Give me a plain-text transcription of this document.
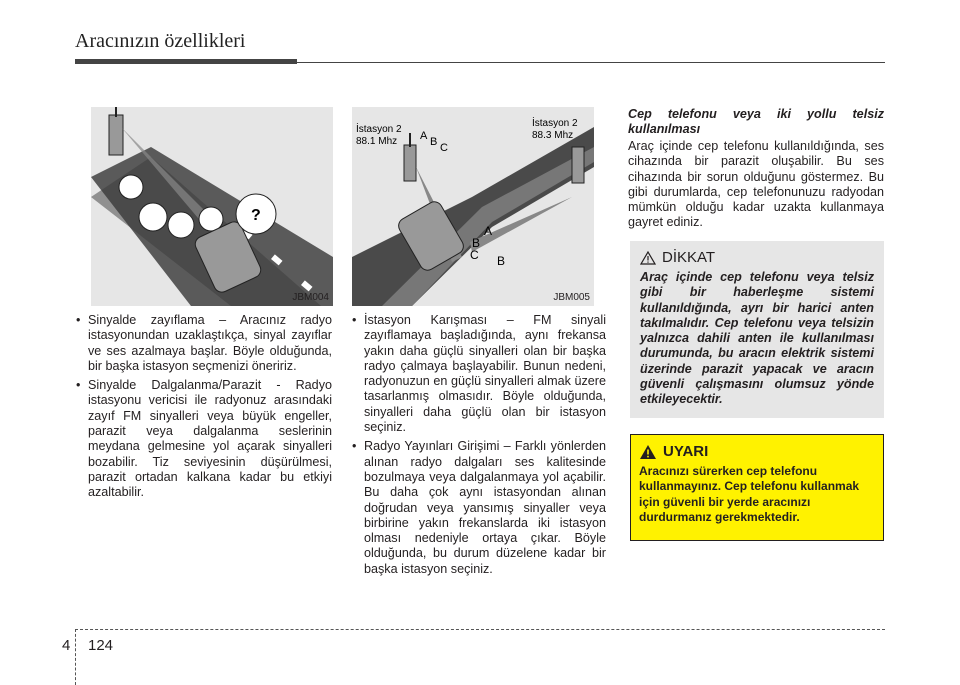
Aracınızın özellikleri
?
JBM004
İstasyon 2
88.1 Mhz
İstasyon 2
88.3 Mhz
A B C
A
B
B
C
JBM005
• Sinyalde zayıflama – Aracınız radyo istasyonundan uzaklaştıkça, sinyal zayıflar ve ses azalmaya başlar. Böyle olduğunda, bir başka istasyon seçmenizi öneririz.
• Sinyalde Dalgalanma/Parazit - Radyo istasyonu vericisi ile radyonuz arasındaki zayıf FM sinyalleri veya büyük engeller, parazit veya dalgalanma seslerinin meydana gelmesine yol açarak sinyalleri bozabilir. Tiz seviyesinin düşürülmesi, parazit ortadan kalkana kadar bu etkiyi azaltabilir.
• İstasyon Karışması – FM sinyali zayıflamaya başladığında, aynı frekansa yakın daha güçlü sinyalleri olan bir başka radyo çalmaya başlayabilir. Bunun nedeni, radyonuzun en güçlü sinyalleri almak üzere tasarlanmış olmasıdır. Böyle olduğunda, sinyalleri daha güçlü olan bir istasyon seçiniz.
• Radyo Yayınları Girişimi – Farklı yönlerden alınan radyo dalgaları ses kalitesinde bozulmaya veya dalgalanmaya yol açabilir. Bu daha çok aynı istasyondan alınan doğrudan veya yansımış sinyaller veya birbirine yakın frekanslarda iki istasyon olması nedeniyle ortaya çıkar. Böyle olduğunda, bu durum düzelene kadar bir başka istasyon seçiniz.

Cep telefonu veya iki yollu telsiz kullanılması

Araç içinde cep telefonu kullanıldığında, ses cihazında bir parazit oluşabilir. Bu ses cihazında bir sorun olduğunu göstermez. Bu gibi durumlarda, cep telefonunuzu radyodan mümkün olduğu kadar uzakta kullanmaya gayret ediniz.

DİKKAT
Araç içinde cep telefonu veya telsiz gibi bir haberleşme sistemi kullanıldığında, ayrı bir harici anten takılmalıdır. Cep telefonu veya telsizin yalnızca dahili anten ile kullanılması durumunda, bu aracın elektrik sistemi üzerinde parazit yapacak ve aracın güvenli çalışmasını olumsuz yönde etkileyecektir.
UYARI
Aracınızı sürerken cep telefonu kullanmayınız. Cep telefonu kullanmak için güvenli bir yerde aracınızı durdurmanız gerekmektedir.
4 124
